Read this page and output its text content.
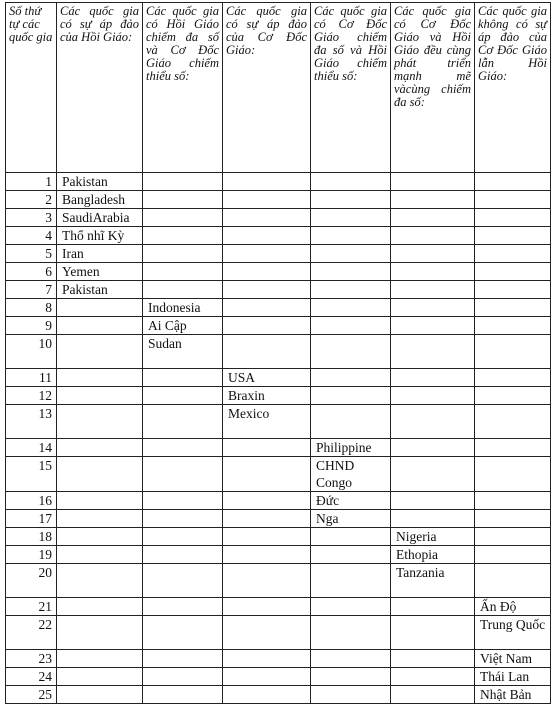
Số thứ tự các quốc gia	Các quốc gia có sự áp đảo của Hồi Giáo:	Các quốc gia có Hồi Giáo chiếm đa số và Cơ Đốc Giáo chiếm thiểu số:	Các quốc gia có sự áp đảo của Cơ Đốc Giáo:	Các quốc gia có Cơ Đốc Giáo chiếm đa số và Hồi Giáo chiếm thiểu số:	Các quốc gia có Cơ Đốc Giáo và Hồi Giáo đều cùng phát triển mạnh mẽ vàcùng chiếm đa số:	Các quốc gia không có sự áp đảo của Cơ Đốc Giáo lẫn Hồi Giáo:
1	Pakistan					
2	Bangladesh					
3	SaudiArabia					
4	Thổ nhĩ Kỳ					
5	Iran					
6	Yemen					
7	Pakistan					
8		Indonesia				
9		Ai Cập				
10		Sudan				
11			USA			
12			Braxin			
13			Mexico			
14				Philippine		
15				CHND Congo		
16				Đức		
17				Nga		
18					Nigeria	
19					Ethopia	
20					Tanzania	
21						Ấn Độ
22						Trung Quốc
23						Việt Nam
24						Thái Lan
25						Nhật Bản
